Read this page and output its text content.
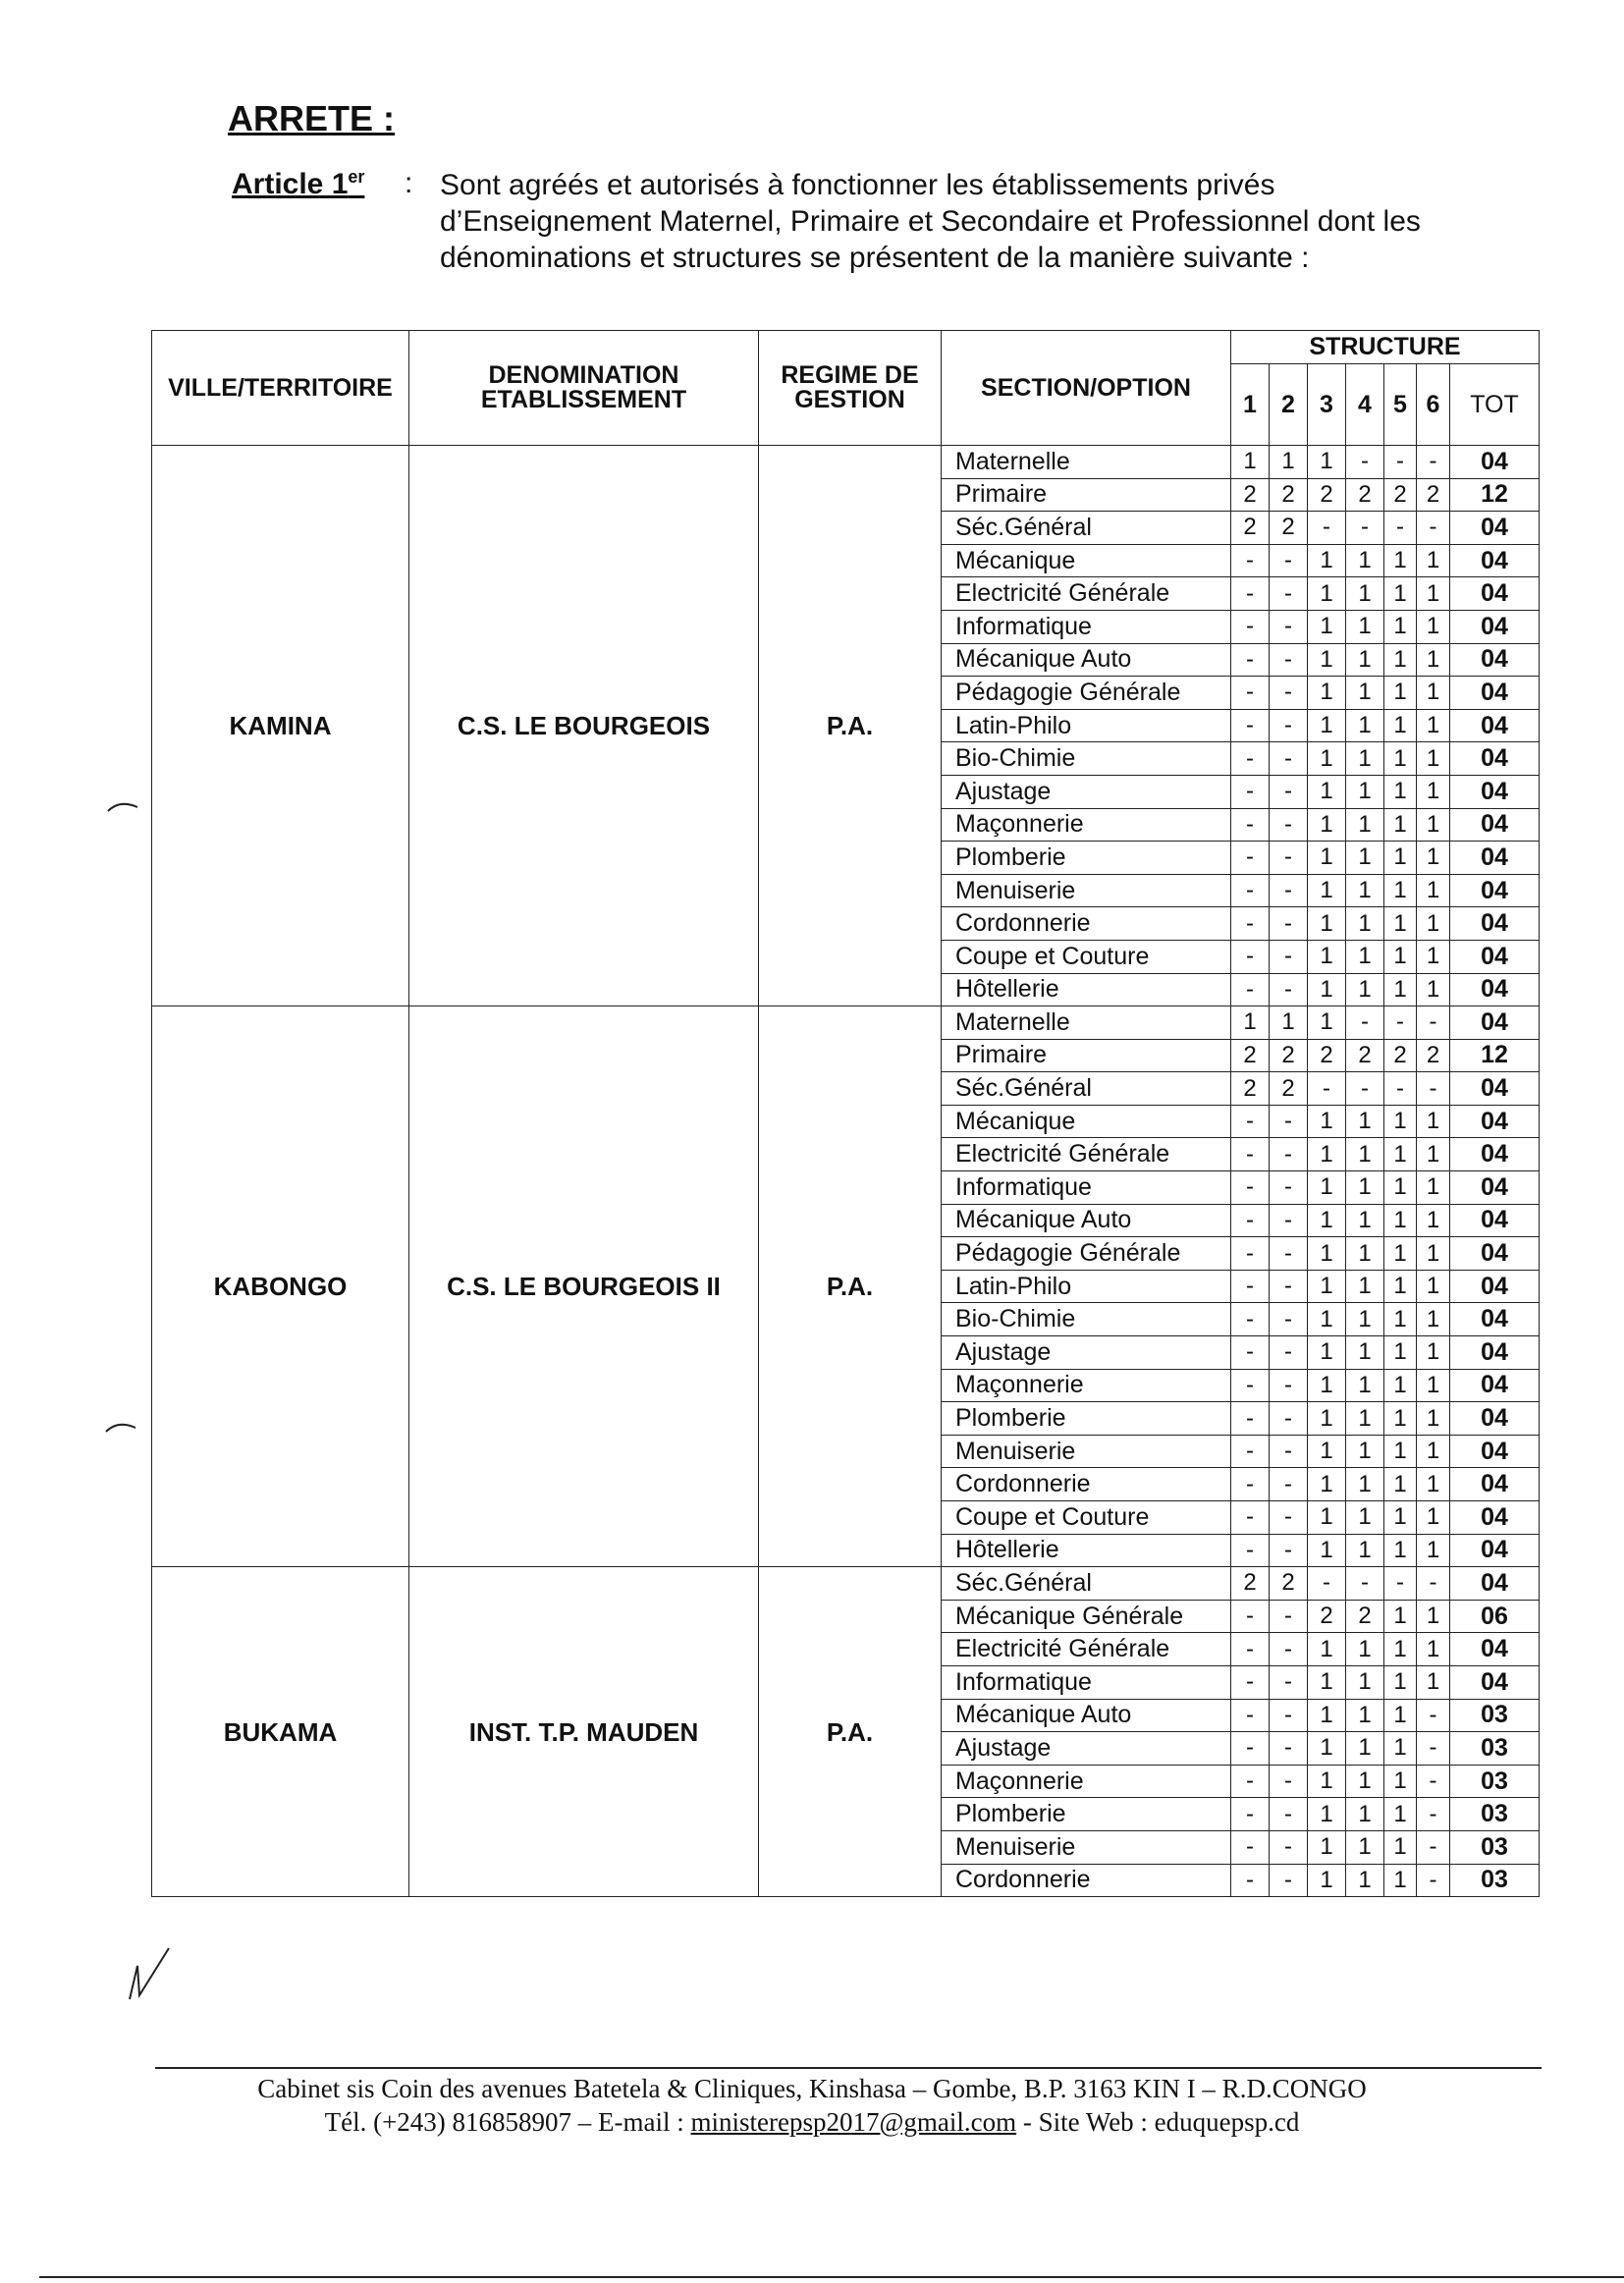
ARRETE :
Article 1er : Sont agréés et autorisés à fonctionner les établissements privés d’Enseignement Maternel, Primaire et Secondaire et Professionnel dont les dénominations et structures se présentent de la manière suivante :
VILLE/TERRITOIRE	DENOMINATION ETABLISSEMENT	REGIME DE GESTION	SECTION/OPTION	STRUCTURE						
				1	2	3	4	5	6	TOT
KAMINA	C.S. LE BOURGEOIS	P.A.	Maternelle	1	1	1	-	-	-	04
			Primaire	2	2	2	2	2	2	12
			Séc.Général	2	2	-	-	-	-	04
			Mécanique	-	-	1	1	1	1	04
			Electricité Générale	-	-	1	1	1	1	04
			Informatique	-	-	1	1	1	1	04
			Mécanique Auto	-	-	1	1	1	1	04
			Pédagogie Générale	-	-	1	1	1	1	04
			Latin-Philo	-	-	1	1	1	1	04
			Bio-Chimie	-	-	1	1	1	1	04
			Ajustage	-	-	1	1	1	1	04
			Maçonnerie	-	-	1	1	1	1	04
			Plomberie	-	-	1	1	1	1	04
			Menuiserie	-	-	1	1	1	1	04
			Cordonnerie	-	-	1	1	1	1	04
			Coupe et Couture	-	-	1	1	1	1	04
			Hôtellerie	-	-	1	1	1	1	04
KABONGO	C.S. LE BOURGEOIS II	P.A.	Maternelle	1	1	1	-	-	-	04
			Primaire	2	2	2	2	2	2	12
			Séc.Général	2	2	-	-	-	-	04
			Mécanique	-	-	1	1	1	1	04
			Electricité Générale	-	-	1	1	1	1	04
			Informatique	-	-	1	1	1	1	04
			Mécanique Auto	-	-	1	1	1	1	04
			Pédagogie Générale	-	-	1	1	1	1	04
			Latin-Philo	-	-	1	1	1	1	04
			Bio-Chimie	-	-	1	1	1	1	04
			Ajustage	-	-	1	1	1	1	04
			Maçonnerie	-	-	1	1	1	1	04
			Plomberie	-	-	1	1	1	1	04
			Menuiserie	-	-	1	1	1	1	04
			Cordonnerie	-	-	1	1	1	1	04
			Coupe et Couture	-	-	1	1	1	1	04
			Hôtellerie	-	-	1	1	1	1	04
BUKAMA	INST. T.P. MAUDEN	P.A.	Séc.Général	2	2	-	-	-	-	04
			Mécanique Générale	-	-	2	2	1	1	06
			Electricité Générale	-	-	1	1	1	1	04
			Informatique	-	-	1	1	1	1	04
			Mécanique Auto	-	-	1	1	1	-	03
			Ajustage	-	-	1	1	1	-	03
			Maçonnerie	-	-	1	1	1	-	03
			Plomberie	-	-	1	1	1	-	03
			Menuiserie	-	-	1	1	1	-	03
			Cordonnerie	-	-	1	1	1	-	03
Cabinet sis Coin des avenues Batetela & Cliniques, Kinshasa – Gombe, B.P. 3163 KIN I – R.D.CONGO
Tél. (+243) 816858907 – E-mail : ministerepsp2017@gmail.com - Site Web : eduquepsp.cd
